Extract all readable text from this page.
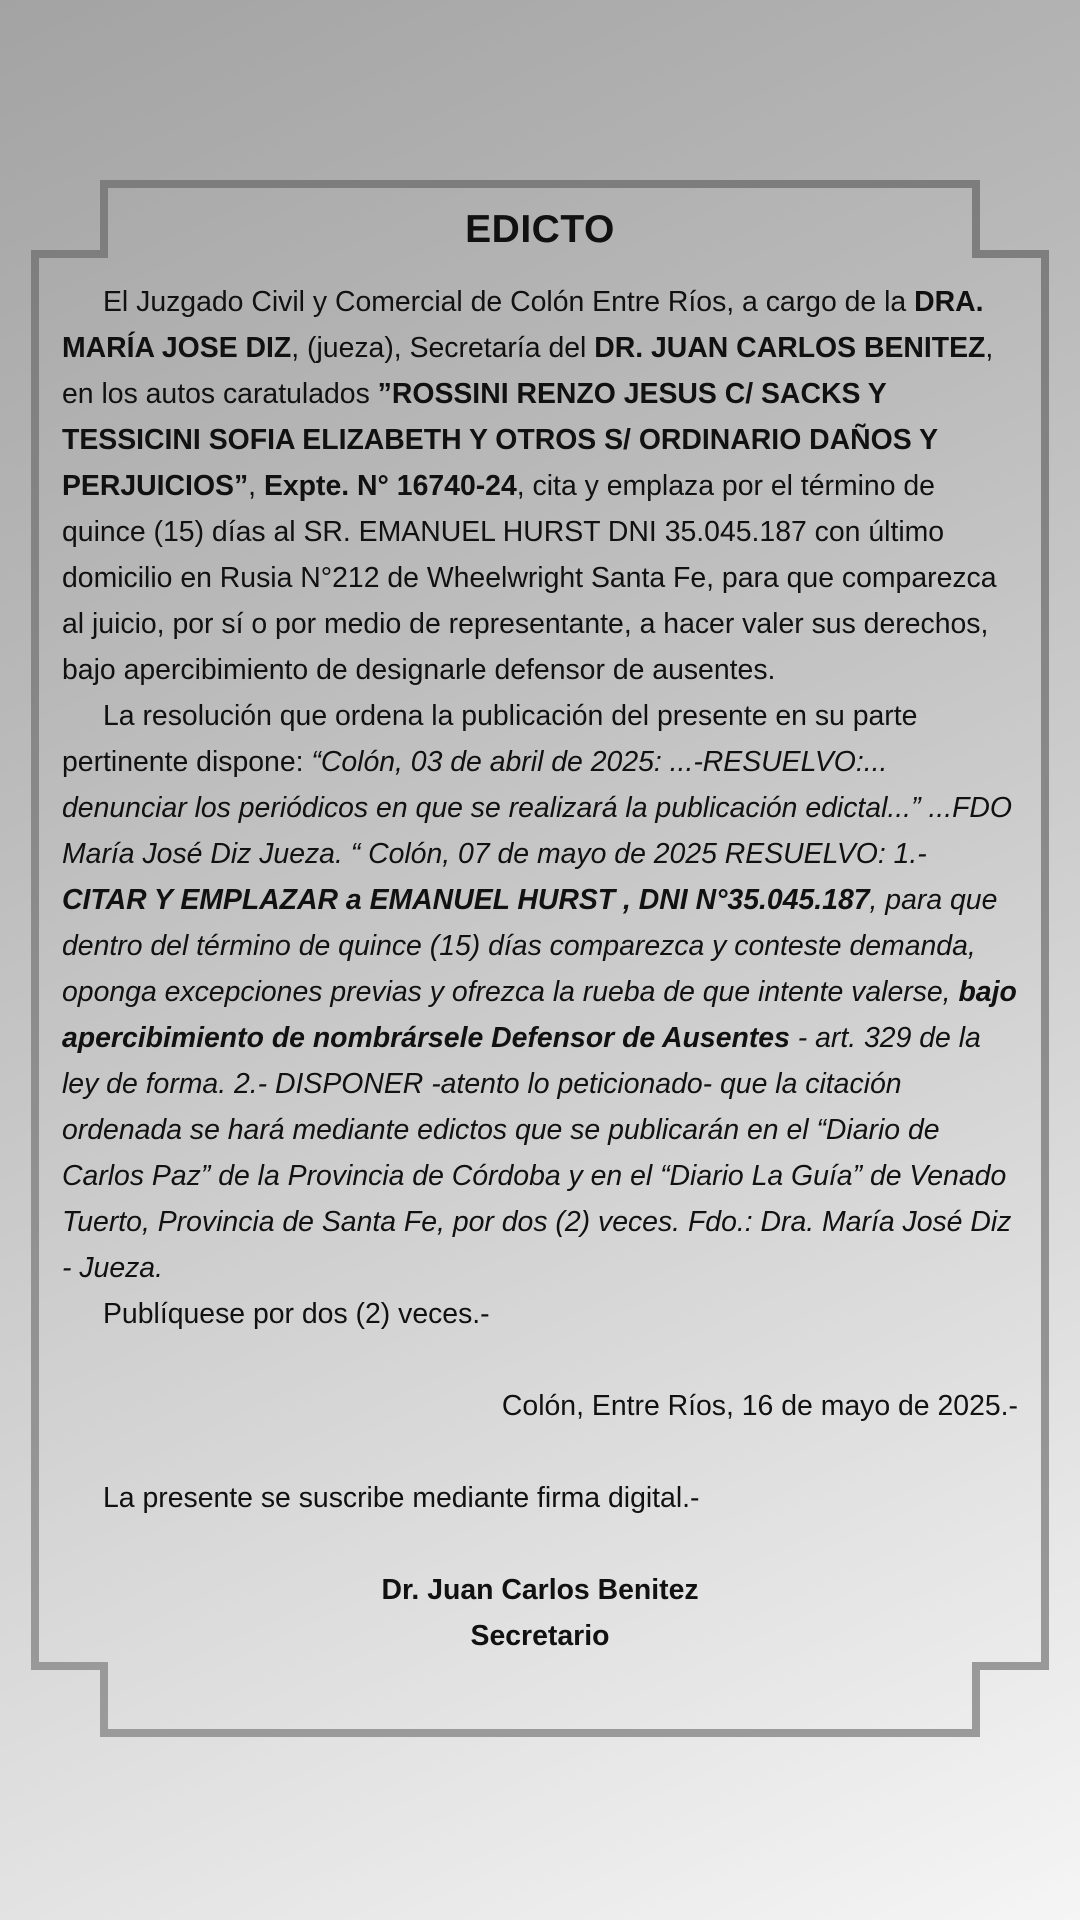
EDICTO

El Juzgado Civil y Comercial de Colón Entre Ríos, a cargo de la DRA. MARÍA JOSE DIZ, (jueza), Secretaría del DR. JUAN CARLOS BENITEZ, en los autos caratulados ”ROSSINI RENZO JESUS C/ SACKS Y TESSICINI SOFIA ELIZABETH Y OTROS S/ ORDINARIO DAÑOS Y PERJUICIOS”, Expte. N° 16740-24, cita y emplaza por el término de quince (15) días al SR. EMANUEL HURST DNI 35.045.187 con último domicilio en Rusia N°212 de Wheelwright Santa Fe, para que comparezca al juicio, por sí o por medio de representante, a hacer valer sus derechos, bajo apercibimiento de designarle defensor de ausentes.

La resolución que ordena la publicación del presente en su parte pertinente dispone: “Colón, 03 de abril de 2025: ...-RESUELVO:... denunciar los periódicos en que se realizará la publicación edictal...” ...FDO María José Diz Jueza. “ Colón, 07 de mayo de 2025 RESUELVO: 1.- CITAR Y EMPLAZAR a EMANUEL HURST , DNI N°35.045.187, para que dentro del término de quince (15) días comparezca y conteste demanda, oponga excepciones previas y ofrezca la rueba de que intente valerse, bajo apercibimiento de nombrársele Defensor de Ausentes - art. 329 de la ley de forma. 2.- DISPONER -atento lo peticionado- que la citación ordenada se hará mediante edictos que se publicarán en el “Diario de Carlos Paz” de la Provincia de Córdoba y en el “Diario La Guía” de Venado Tuerto, Provincia de Santa Fe, por dos (2) veces. Fdo.: Dra. María José Diz - Jueza.

Publíquese por dos (2) veces.-

Colón, Entre Ríos, 16 de mayo de 2025.-
La presente se suscribe mediante firma digital.-
Dr. Juan Carlos Benitez
Secretario
